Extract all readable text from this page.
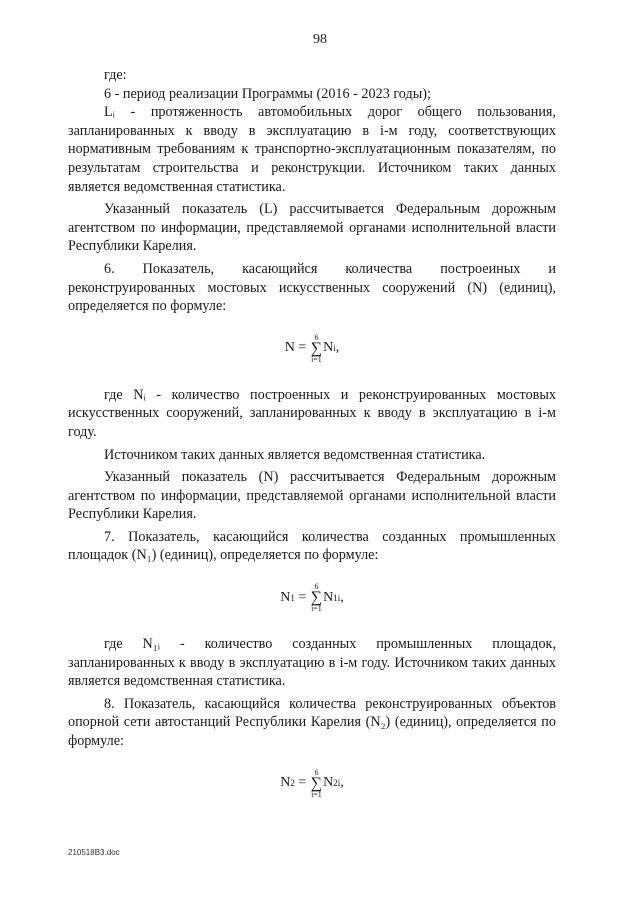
98

где:

6 - период реализации Программы (2016 - 2023 годы);

Lᵢ - протяженность автомобильных дорог общего пользования, запланированных к вводу в эксплуатацию в i-м году, соответствующих нормативным требованиям к транспортно-эксплуатационным показателям, по результатам строительства и реконструкции. Источником таких данных является ведомственная статистика.

Указанный показатель (L) рассчитывается Федеральным дорожным агентством по информации, представляемой органами исполнительной власти Республики Карелия.

6. Показатель, касающийся количества построеиных и реконструированных мостовых искусственных сооружений (N) (единиц), определяется по формуле:

N =
6
∑
i=1
N i ,

где Nᵢ - количество построенных и реконструированных мостовых искусственных сооружений, запланированных к вводу в эксплуатацию в i-м году.

Источником таких данных является ведомственная статистика.

Указанный показатель (N) рассчитывается Федеральным дорожным агентством по информации, представляемой органами исполнительной власти Республики Карелия.

7. Показатель, касающийся количества созданных промышленных площадок (N₁) (единиц), определяется по формуле:

N 1 =
6
∑
i=1
N 1i ,

где N₁ᵢ - количество созданных промышленных площадок, запланированных к вводу в эксплуатацию в i-м году. Источником таких данных является ведомственная статистика.

8. Показатель, касающийся количества реконструированных объектов опорной сети автостанций Республики Карелия (N₂) (единиц), определяется по формуле:

N 2 =
6
∑
i=1
N 2i ,
210518B3.doc
